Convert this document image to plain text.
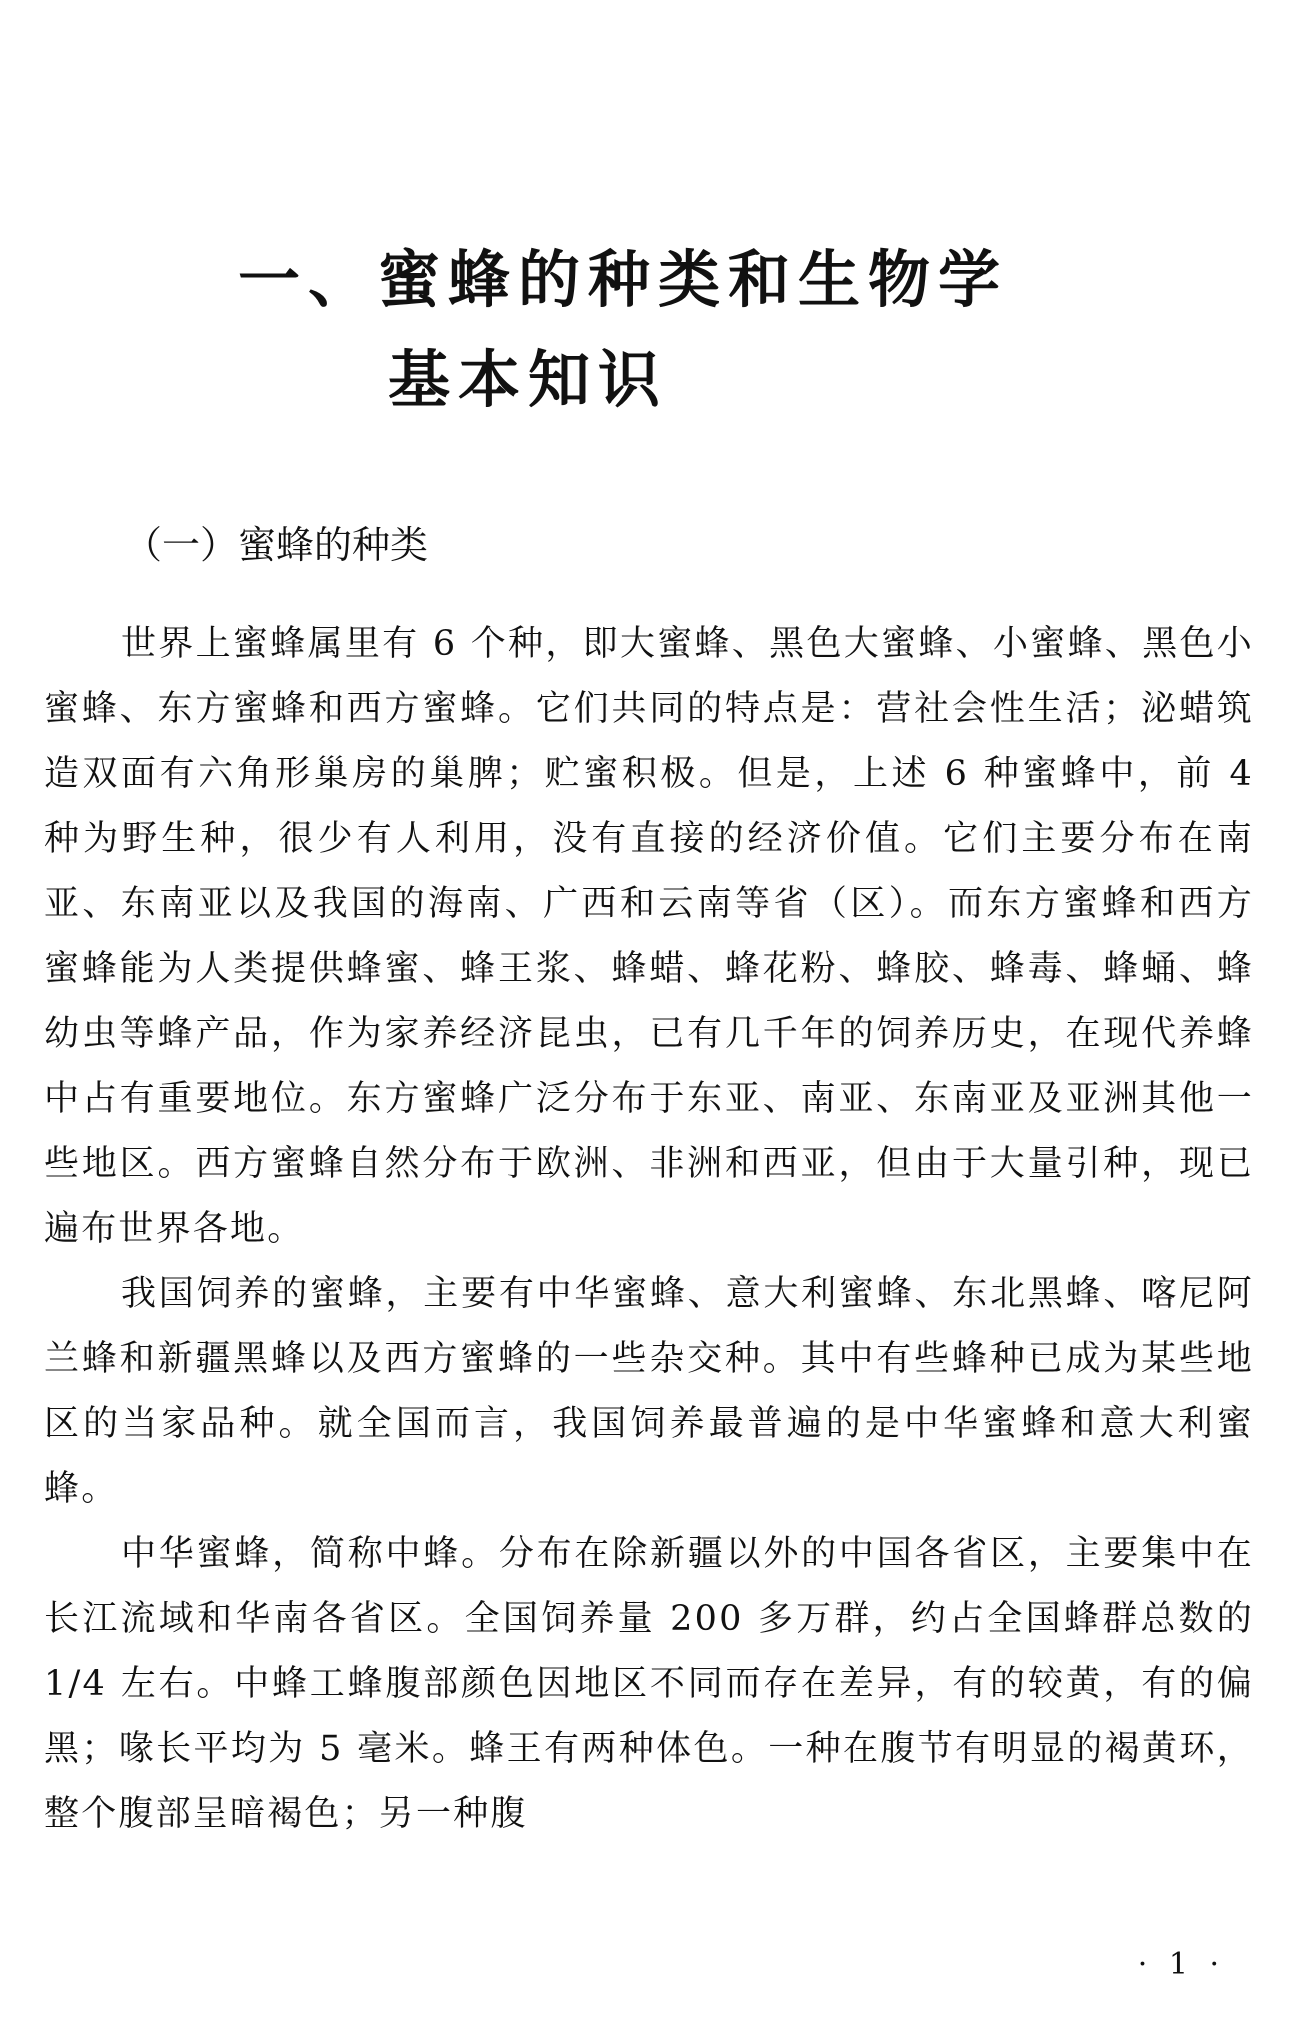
一、蜜蜂的种类和生物学
基本知识
（一）蜜蜂的种类

世界上蜜蜂属里有 6 个种，即大蜜蜂、黑色大蜜蜂、小蜜蜂、黑色小蜜蜂、东方蜜蜂和西方蜜蜂。它们共同的特点是：营社会性生活；泌蜡筑造双面有六角形巢房的巢脾；贮蜜积极。但是，上述 6 种蜜蜂中，前 4 种为野生种，很少有人利用，没有直接的经济价值。它们主要分布在南亚、东南亚以及我国的海南、广西和云南等省（区）。而东方蜜蜂和西方蜜蜂能为人类提供蜂蜜、蜂王浆、蜂蜡、蜂花粉、蜂胶、蜂毒、蜂蛹、蜂幼虫等蜂产品，作为家养经济昆虫，已有几千年的饲养历史，在现代养蜂中占有重要地位。东方蜜蜂广泛分布于东亚、南亚、东南亚及亚洲其他一些地区。西方蜜蜂自然分布于欧洲、非洲和西亚，但由于大量引种，现已遍布世界各地。

我国饲养的蜜蜂，主要有中华蜜蜂、意大利蜜蜂、东北黑蜂、喀尼阿兰蜂和新疆黑蜂以及西方蜜蜂的一些杂交种。其中有些蜂种已成为某些地区的当家品种。就全国而言，我国饲养最普遍的是中华蜜蜂和意大利蜜蜂。

中华蜜蜂，简称中蜂。分布在除新疆以外的中国各省区，主要集中在长江流域和华南各省区。全国饲养量 200 多万群，约占全国蜂群总数的 1/4 左右。中蜂工蜂腹部颜色因地区不同而存在差异，有的较黄，有的偏黑；喙长平均为 5 毫米。蜂王有两种体色。一种在腹节有明显的褐黄环，整个腹部呈暗褐色；另一种腹

· 1 ·
